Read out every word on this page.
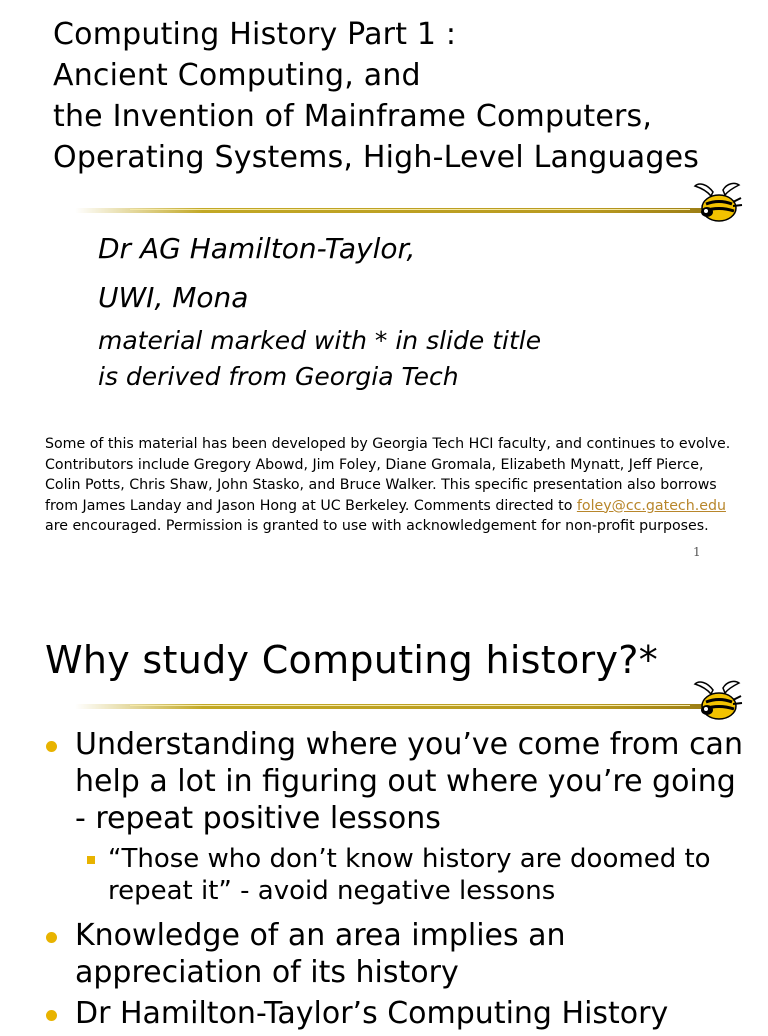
Computing History Part 1 :
Ancient Computing, and
the Invention of Mainframe Computers,
Operating Systems, High-Level Languages
Dr AG Hamilton-Taylor,
UWI, Mona
material marked with * in slide title
is derived from Georgia Tech
Some of this material has been developed by Georgia Tech HCI faculty, and continues to evolve. Contributors include Gregory Abowd, Jim Foley, Diane Gromala, Elizabeth Mynatt, Jeff Pierce, Colin Potts, Chris Shaw, John Stasko, and Bruce Walker. This specific presentation also borrows from James Landay and Jason Hong at UC Berkeley. Comments directed to foley@cc.gatech.edu are encouraged. Permission is granted to use with acknowledgement for non-profit purposes.
1
Why study Computing history?*
Understanding where you’ve come from can help a lot in figuring out where you’re going - repeat positive lessons
“Those who don’t know history are doomed to repeat it” - avoid negative lessons
Knowledge of an area implies an appreciation of its history
Dr Hamilton-Taylor’s Computing History
